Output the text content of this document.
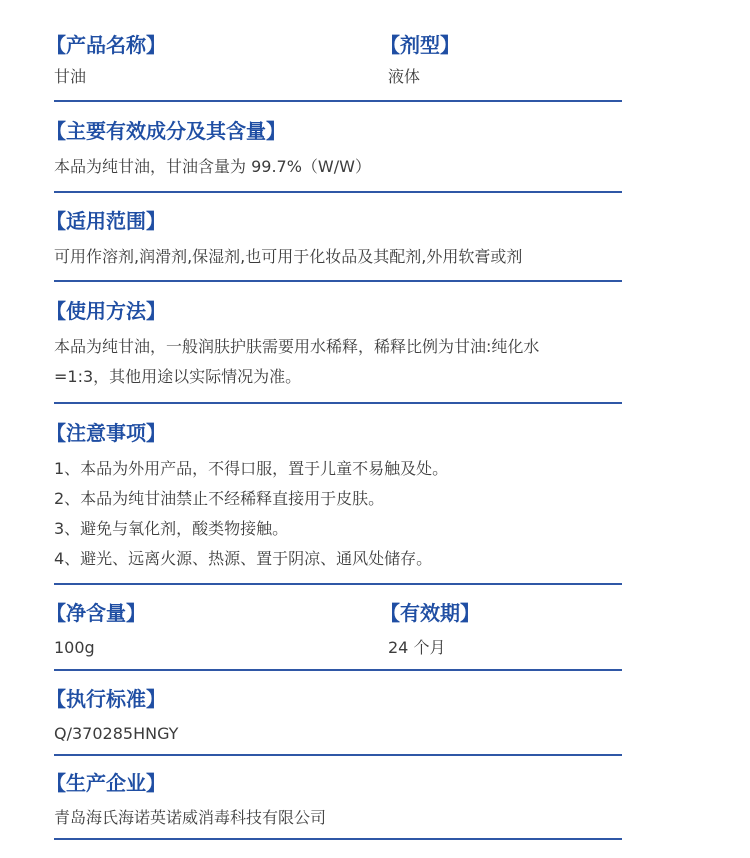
【产品名称】
甘油
【剂型】
液体
【主要有效成分及其含量】
本品为纯甘油，甘油含量为 99.7%（W/W）
【适用范围】
可用作溶剂,润滑剂,保湿剂,也可用于化妆品及其配剂,外用软膏或剂
【使用方法】
本品为纯甘油，一般润肤护肤需要用水稀释，稀释比例为甘油:纯化水
=1:3，其他用途以实际情况为准。
【注意事项】
1、本品为外用产品，不得口服，置于儿童不易触及处。
2、本品为纯甘油禁止不经稀释直接用于皮肤。
3、避免与氧化剂，酸类物接触。
4、避光、远离火源、热源、置于阴凉、通风处储存。
【净含量】
100g
【有效期】
24 个月
【执行标准】
Q/370285HNGY
【生产企业】
青岛海氏海诺英诺威消毒科技有限公司
